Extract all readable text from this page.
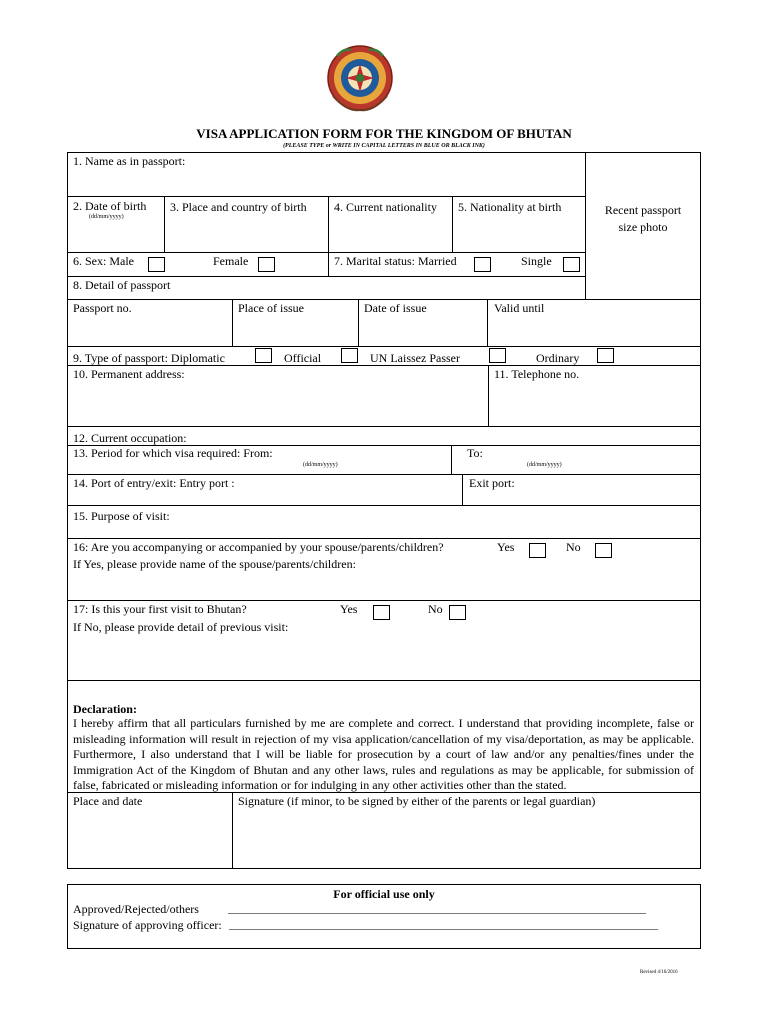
VISA APPLICATION FORM FOR THE KINGDOM OF BHUTAN
(PLEASE TYPE or WRITE IN CAPITAL LETTERS IN BLUE OR BLACK INK)
Recent passport
size photo
1. Name as in passport:
2. Date of birth
(dd/mm/yyyy)
3. Place and country of birth 4. Current nationality 5. Nationality at birth
6. Sex: Male	Female	7. Marital status: Married	Single
8. Detail of passport
Passport no.	Place of issue	Date of issue	Valid until
9. Type of passport: Diplomatic	Official	UN Laissez Passer	Ordinary
10. Permanent address:	11. Telephone no.
12. Current occupation:
13. Period for which visa required: From:
(dd/mm/yyyy)
To:
(dd/mm/yyyy)
14. Port of entry/exit: Entry port :	Exit port:
15. Purpose of visit:
16: Are you accompanying or accompanied by your spouse/parents/children?	Yes	No
If Yes, please provide name of the spouse/parents/children:
17: Is this your first visit to Bhutan?	Yes	No
If No, please provide detail of previous visit:
Declaration:
I hereby affirm that all particulars furnished by me are complete and correct. I understand that providing incomplete, false or misleading information will result in rejection of my visa application/cancellation of my visa/deportation, as may be applicable. Furthermore, I also understand that I will be liable for prosecution by a court of law and/or any penalties/fines under the Immigration Act of the Kingdom of Bhutan and any other laws, rules and regulations as may be applicable, for submission of false, fabricated or misleading information or for indulging in any other activities other than the stated.
Place and date	Signature (if minor, to be signed by either of the parents or legal guardian)
For official use only
Approved/Rejected/others	____________________________________________________________________________
Signature of approving officer: ______________________________________________________________________________
Revised 4/16/2016
